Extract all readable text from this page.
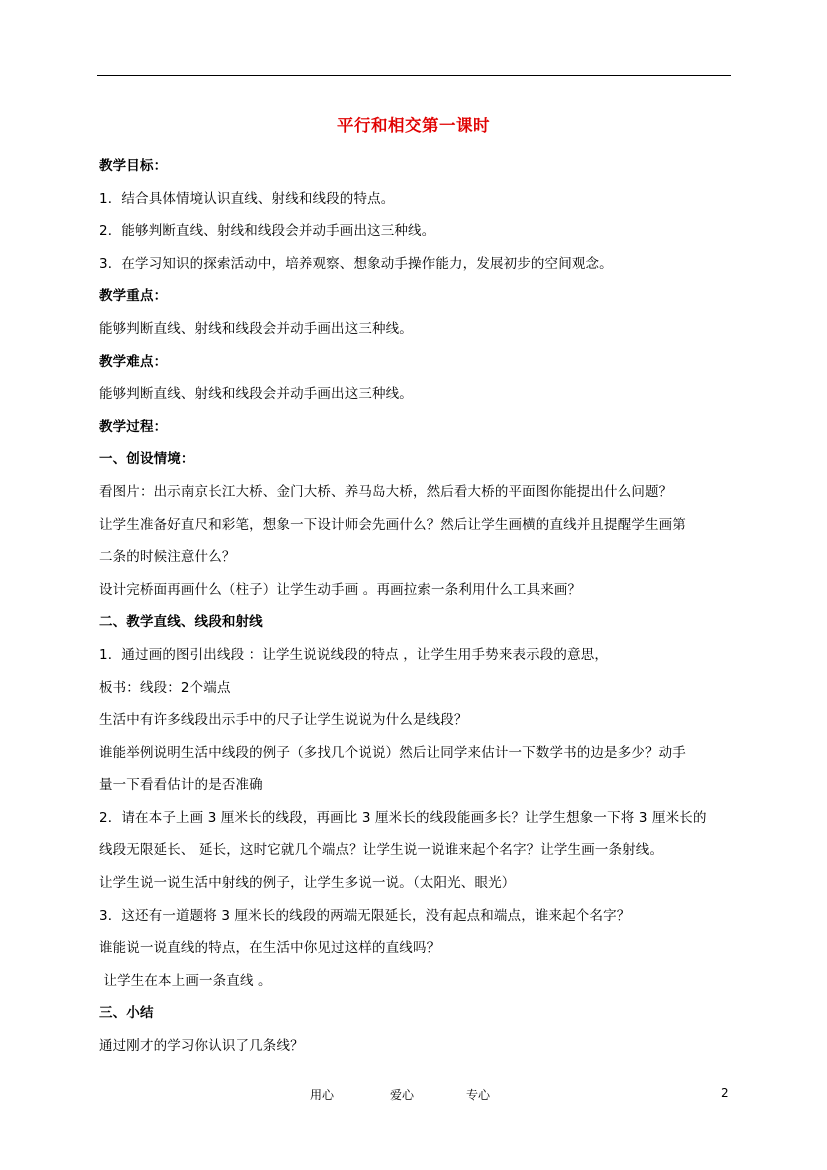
平行和相交第一课时
教学目标：
1．结合具体情境认识直线、射线和线段的特点。
2．能够判断直线、射线和线段会并动手画出这三种线。
3．在学习知识的探索活动中，培养观察、想象动手操作能力，发展初步的空间观念。
教学重点：
能够判断直线、射线和线段会并动手画出这三种线。
教学难点：
能够判断直线、射线和线段会并动手画出这三种线。
教学过程：
一、创设情境：
看图片：出示南京长江大桥、金门大桥、养马岛大桥，然后看大桥的平面图你能提出什么问题？
让学生准备好直尺和彩笔，想象一下设计师会先画什么？然后让学生画横的直线并且提醒学生画第
二条的时候注意什么？
设计完桥面再画什么（柱子）让学生动手画 。再画拉索一条利用什么工具来画？
二、教学直线、线段和射线
1．通过画的图引出线段 ：让学生说说线段的特点 ，让学生用手势来表示段的意思，
板书：线段：2个端点
生活中有许多线段出示手中的尺子让学生说说为什么是线段？
谁能举例说明生活中线段的例子（多找几个说说）然后让同学来估计一下数学书的边是多少？动手
量一下看看估计的是否准确
2．请在本子上画 3 厘米长的线段，再画比 3 厘米长的线段能画多长？让学生想象一下将 3 厘米长的
线段无限延长、 延长，这时它就几个端点？让学生说一说谁来起个名字？让学生画一条射线。
让学生说一说生活中射线的例子，让学生多说一说。（太阳光、眼光）
3．这还有一道题将 3 厘米长的线段的两端无限延长，没有起点和端点，谁来起个名字？
谁能说一说直线的特点，在生活中你见过这样的直线吗？
让学生在本上画一条直线 。
三、小结
通过刚才的学习你认识了几条线？
用心	爱心	专心	2
